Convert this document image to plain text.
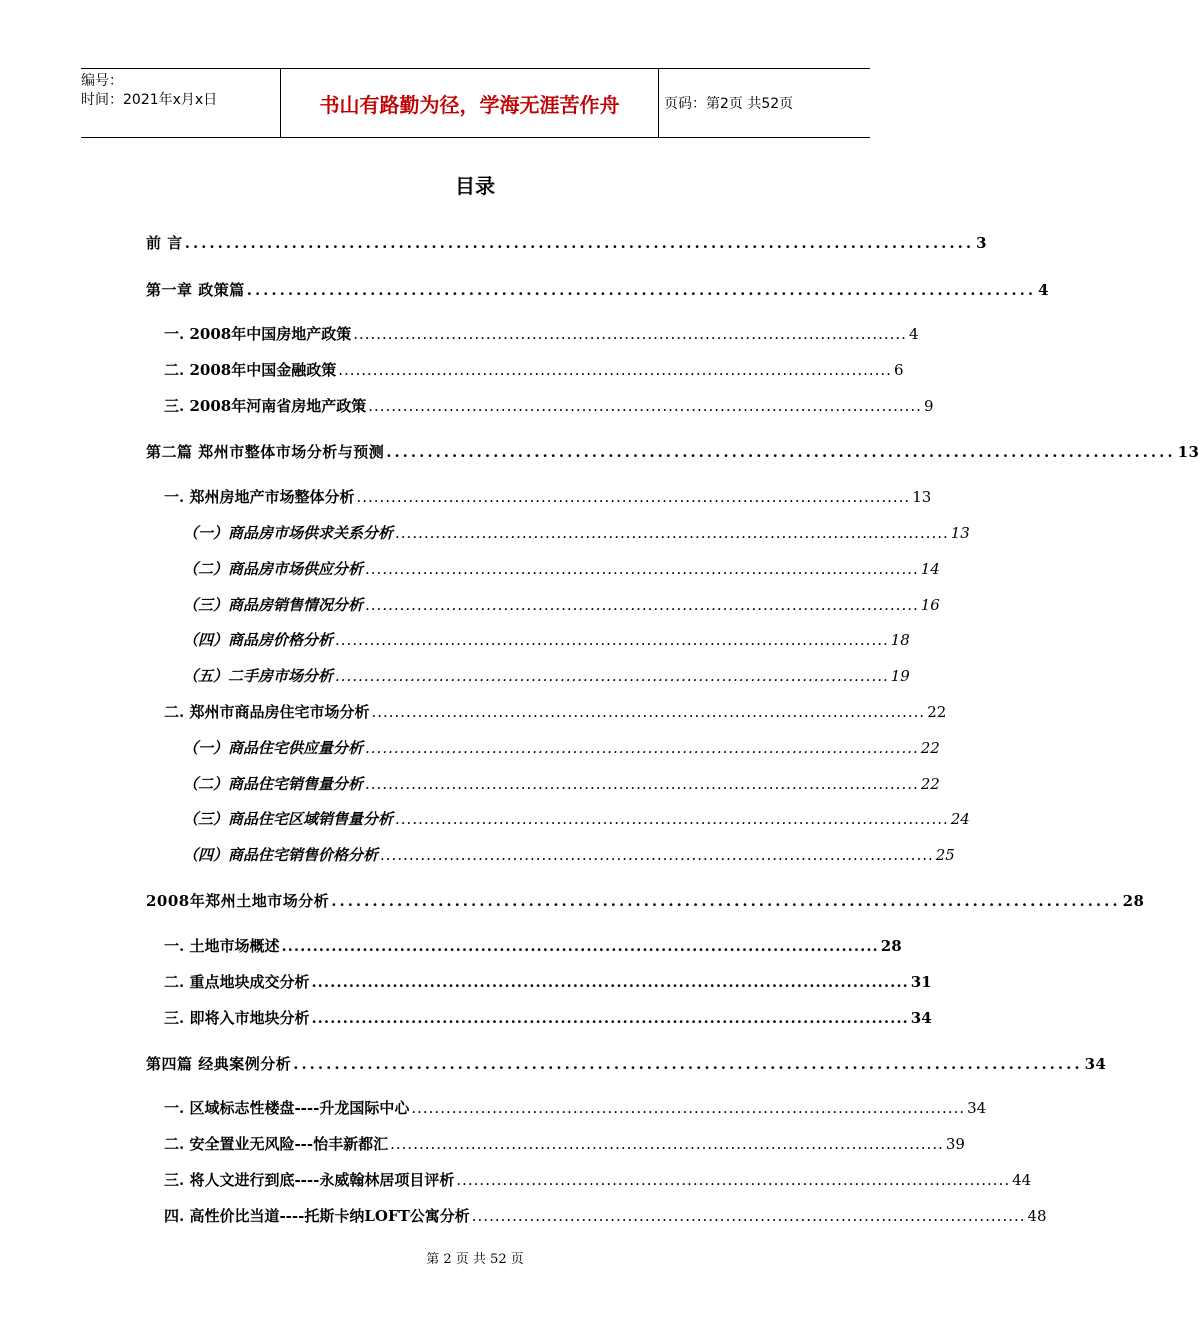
编号：
时间：2021年x月x日	书山有路勤为径，学海无涯苦作舟	页码：第2页 共52页
目录
前 言 ................................................................................................ 3
第一章 政策篇 ................................................................................................ 4
一. 2008年中国房地产政策 ................................................................................................ 4
二. 2008年中国金融政策 ................................................................................................ 6
三. 2008年河南省房地产政策 ................................................................................................ 9
第二篇 郑州市整体市场分析与预测 ................................................................................................ 13
一. 郑州房地产市场整体分析 ................................................................................................ 13
（一）商品房市场供求关系分析 ................................................................................................ 13
（二）商品房市场供应分析 ................................................................................................ 14
（三）商品房销售情况分析 ................................................................................................ 16
（四）商品房价格分析 ................................................................................................ 18
（五）二手房市场分析 ................................................................................................ 19
二. 郑州市商品房住宅市场分析 ................................................................................................ 22
（一）商品住宅供应量分析 ................................................................................................ 22
（二）商品住宅销售量分析 ................................................................................................ 22
（三）商品住宅区域销售量分析 ................................................................................................ 24
（四）商品住宅销售价格分析 ................................................................................................ 25
2008年郑州土地市场分析 ................................................................................................ 28
一. 土地市场概述 ................................................................................................ 28
二. 重点地块成交分析 ................................................................................................ 31
三. 即将入市地块分析 ................................................................................................ 34
第四篇 经典案例分析 ................................................................................................ 34
一. 区域标志性楼盘----升龙国际中心 ................................................................................................ 34
二. 安全置业无风险---怡丰新都汇 ................................................................................................ 39
三. 将人文进行到底----永威翰林居项目评析 ................................................................................................ 44
四. 高性价比当道----托斯卡纳LOFT公寓分析 ................................................................................................ 48
第 2 页 共 52 页
